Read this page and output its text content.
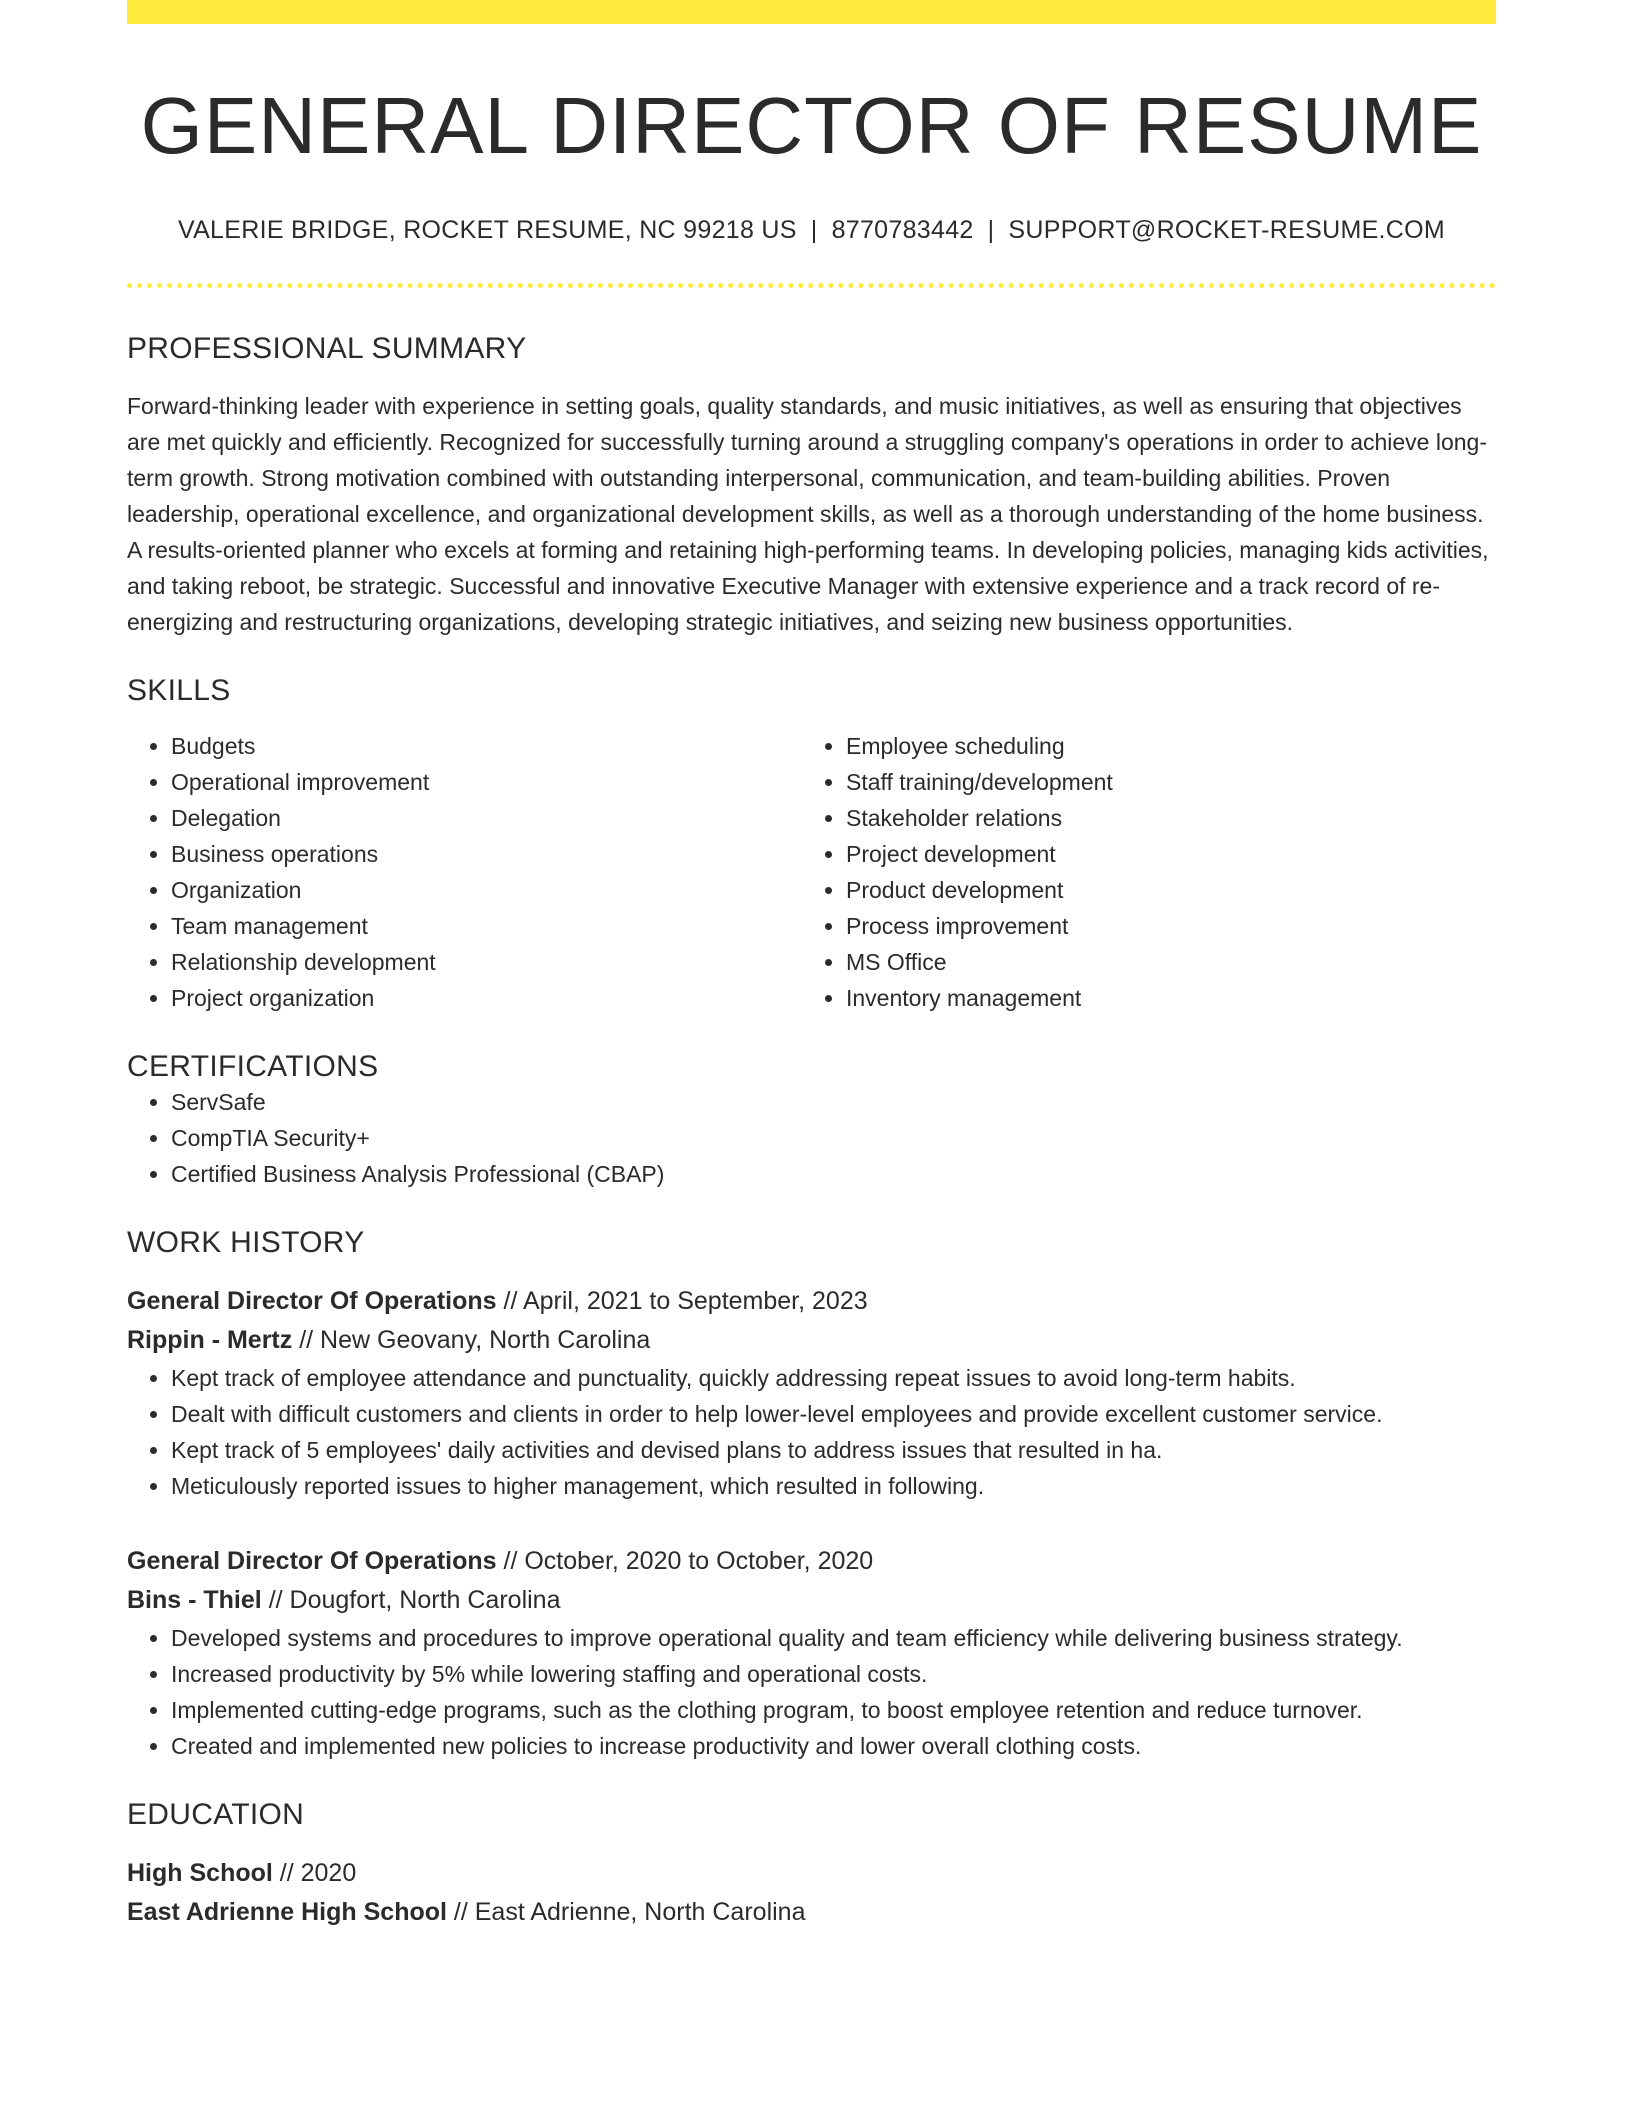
GENERAL DIRECTOR OF RESUME
VALERIE BRIDGE, ROCKET RESUME, NC 99218 US | 8770783442 | SUPPORT@ROCKET-RESUME.COM
PROFESSIONAL SUMMARY

Forward-thinking leader with experience in setting goals, quality standards, and music initiatives, as well as ensuring that objectives are met quickly and efficiently. Recognized for successfully turning around a struggling company's operations in order to achieve long-term growth. Strong motivation combined with outstanding interpersonal, communication, and team-building abilities. Proven leadership, operational excellence, and organizational development skills, as well as a thorough understanding of the home business. A results-oriented planner who excels at forming and retaining high-performing teams. In developing policies, managing kids activities, and taking reboot, be strategic. Successful and innovative Executive Manager with extensive experience and a track record of re-energizing and restructuring organizations, developing strategic initiatives, and seizing new business opportunities.

SKILLS
• Budgets
• Operational improvement
• Delegation
• Business operations
• Organization
• Team management
• Relationship development
• Project organization
• Employee scheduling
• Staff training/development
• Stakeholder relations
• Project development
• Product development
• Process improvement
• MS Office
• Inventory management
CERTIFICATIONS
• ServSafe
• CompTIA Security+
• Certified Business Analysis Professional (CBAP)
WORK HISTORY
General Director Of Operations // April, 2021 to September, 2023
Rippin - Mertz // New Geovany, North Carolina
• Kept track of employee attendance and punctuality, quickly addressing repeat issues to avoid long-term habits.
• Dealt with difficult customers and clients in order to help lower-level employees and provide excellent customer service.
• Kept track of 5 employees' daily activities and devised plans to address issues that resulted in ha.
• Meticulously reported issues to higher management, which resulted in following.
General Director Of Operations // October, 2020 to October, 2020
Bins - Thiel // Dougfort, North Carolina
• Developed systems and procedures to improve operational quality and team efficiency while delivering business strategy.
• Increased productivity by 5% while lowering staffing and operational costs.
• Implemented cutting-edge programs, such as the clothing program, to boost employee retention and reduce turnover.
• Created and implemented new policies to increase productivity and lower overall clothing costs.
EDUCATION
High School // 2020
East Adrienne High School // East Adrienne, North Carolina
